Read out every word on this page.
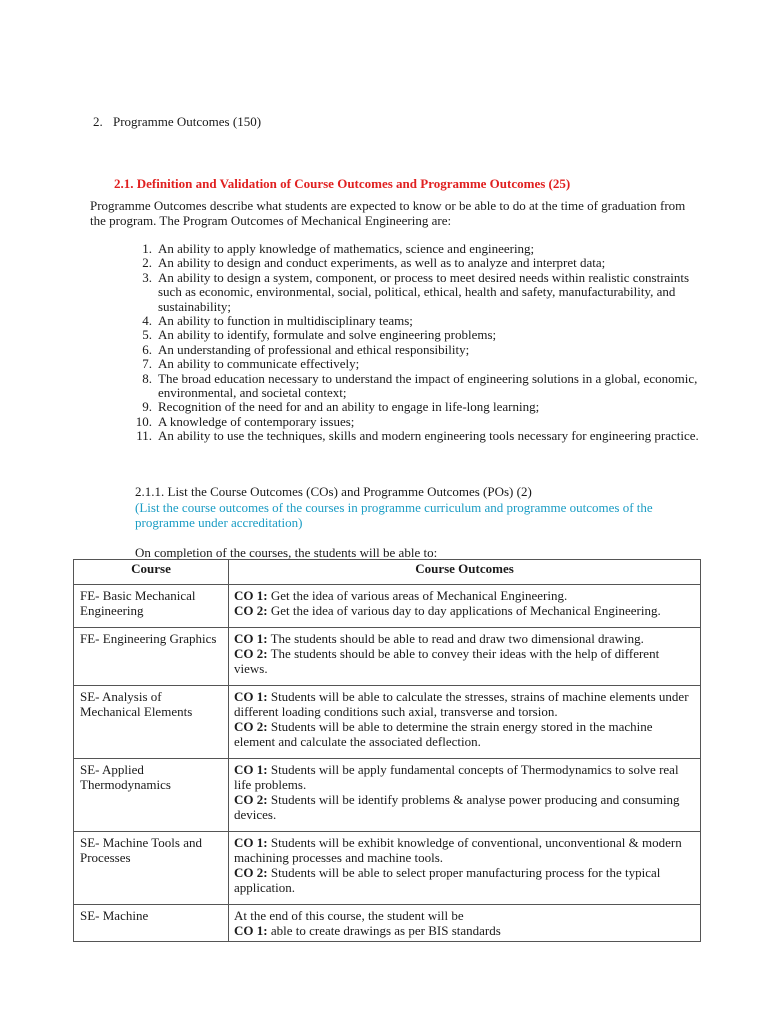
2. Programme Outcomes (150)
2.1. Definition and Validation of Course Outcomes and Programme Outcomes (25)
Programme Outcomes describe what students are expected to know or be able to do at the time of graduation from the program. The Program Outcomes of Mechanical Engineering are:
1. An ability to apply knowledge of mathematics, science and engineering;
2. An ability to design and conduct experiments, as well as to analyze and interpret data;
3. An ability to design a system, component, or process to meet desired needs within realistic constraints such as economic, environmental, social, political, ethical, health and safety, manufacturability, and sustainability;
4. An ability to function in multidisciplinary teams;
5. An ability to identify, formulate and solve engineering problems;
6. An understanding of professional and ethical responsibility;
7. An ability to communicate effectively;
8. The broad education necessary to understand the impact of engineering solutions in a global, economic, environmental, and societal context;
9. Recognition of the need for and an ability to engage in life-long learning;
10. A knowledge of contemporary issues;
11. An ability to use the techniques, skills and modern engineering tools necessary for engineering practice.
2.1.1. List the Course Outcomes (COs) and Programme Outcomes (POs) (2)
(List the course outcomes of the courses in programme curriculum and programme outcomes of the programme under accreditation)
On completion of the courses, the students will be able to:
Course	Course Outcomes
FE- Basic Mechanical Engineering	CO 1: Get the idea of various areas of Mechanical Engineering.
CO 2: Get the idea of various day to day applications of Mechanical Engineering.

FE- Engineering Graphics	CO 1: The students should be able to read and draw two dimensional drawing.
CO 2: The students should be able to convey their ideas with the help of different views.

SE- Analysis of Mechanical Elements	CO 1: Students will be able to calculate the stresses, strains of machine elements under different loading conditions such axial, transverse and torsion.
CO 2: Students will be able to determine the strain energy stored in the machine element and calculate the associated deflection.

SE- Applied Thermodynamics	CO 1: Students will be apply fundamental concepts of Thermodynamics to solve real life problems.
CO 2: Students will be identify problems & analyse power producing and consuming devices.

SE- Machine Tools and Processes	CO 1: Students will be exhibit knowledge of conventional, unconventional & modern machining processes and machine tools.
CO 2: Students will be able to select proper manufacturing process for the typical application.

SE- Machine	At the end of this course, the student will be
CO 1: able to create drawings as per BIS standards
